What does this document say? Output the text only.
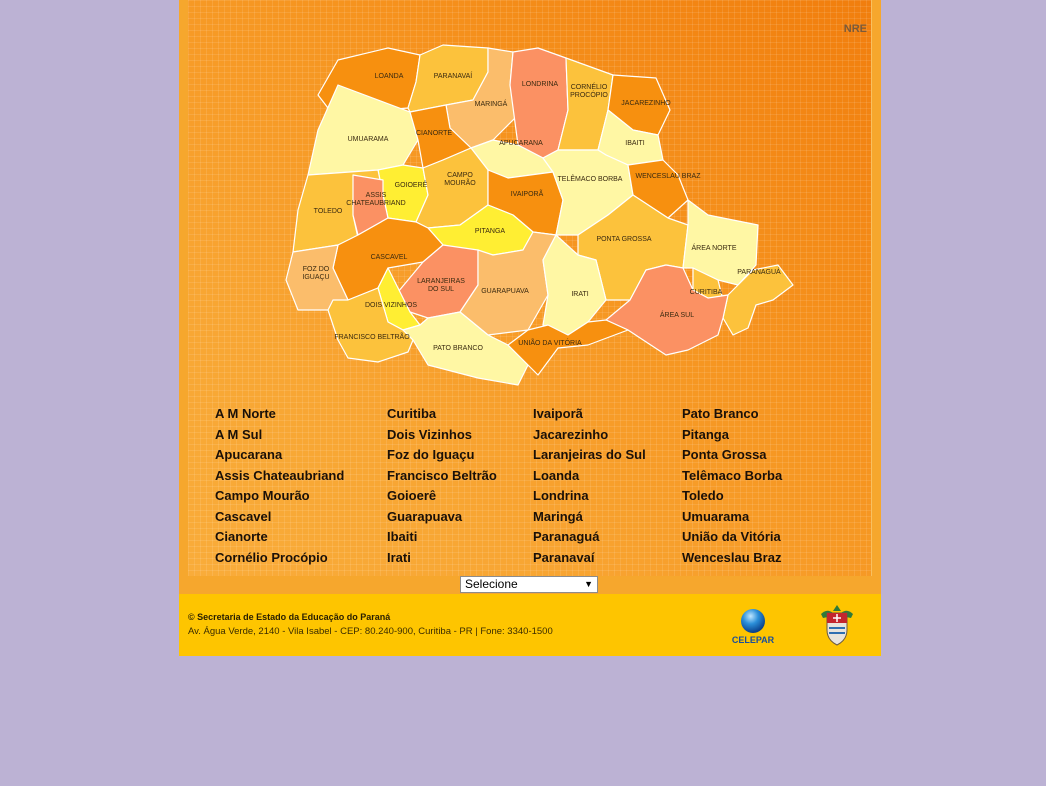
NRE
LOANDA	PARANAVAÍ
MARINGÁ
LONDRINA CORNÉLIO
PROCÓPIO
JACAREZINHO
UMUARAMA
CIANORTE
APUCARANA	IBAITI
GOIOERÊ
CAMPO
MOURÃO
IVAIPORÃ
TELÊMACO BORBA WENCESLAU BRAZ
TOLEDO
ASSIS
CHATEAUBRIAND
PITANGA
PONTA GROSSA
ÁREA NORTE
CASCAVEL
FOZ DO
IGUAÇU
LARANJEIRAS
DO SUL	GUARAPUAVA	IRATI
PARANAGUÁ
CURITIBA
DOIS VIZINHOS
ÁREA SUL
FRANCISCO BELTRÃO
PATO BRANCO
UNIÃO DA VITÓRIA
A M Norte
A M Sul
Apucarana
Assis Chateaubriand
Campo Mourão
Cascavel
Cianorte
Cornélio Procópio
Curitiba
Dois Vizinhos
Foz do Iguaçu
Francisco Beltrão
Goioerê
Guarapuava
Ibaiti
Irati
Ivaiporã
Jacarezinho
Laranjeiras do Sul
Loanda
Londrina
Maringá
Paranaguá
Paranavaí
Pato Branco
Pitanga
Ponta Grossa
Telêmaco Borba
Toledo
Umuarama
União da Vitória
Wenceslau Braz
Selecione	▼
© Secretaria de Estado da Educação do Paraná
Av. Água Verde, 2140 - Vila Isabel - CEP: 80.240-900, Curitiba - PR | Fone: 3340-1500
CELEPAR
